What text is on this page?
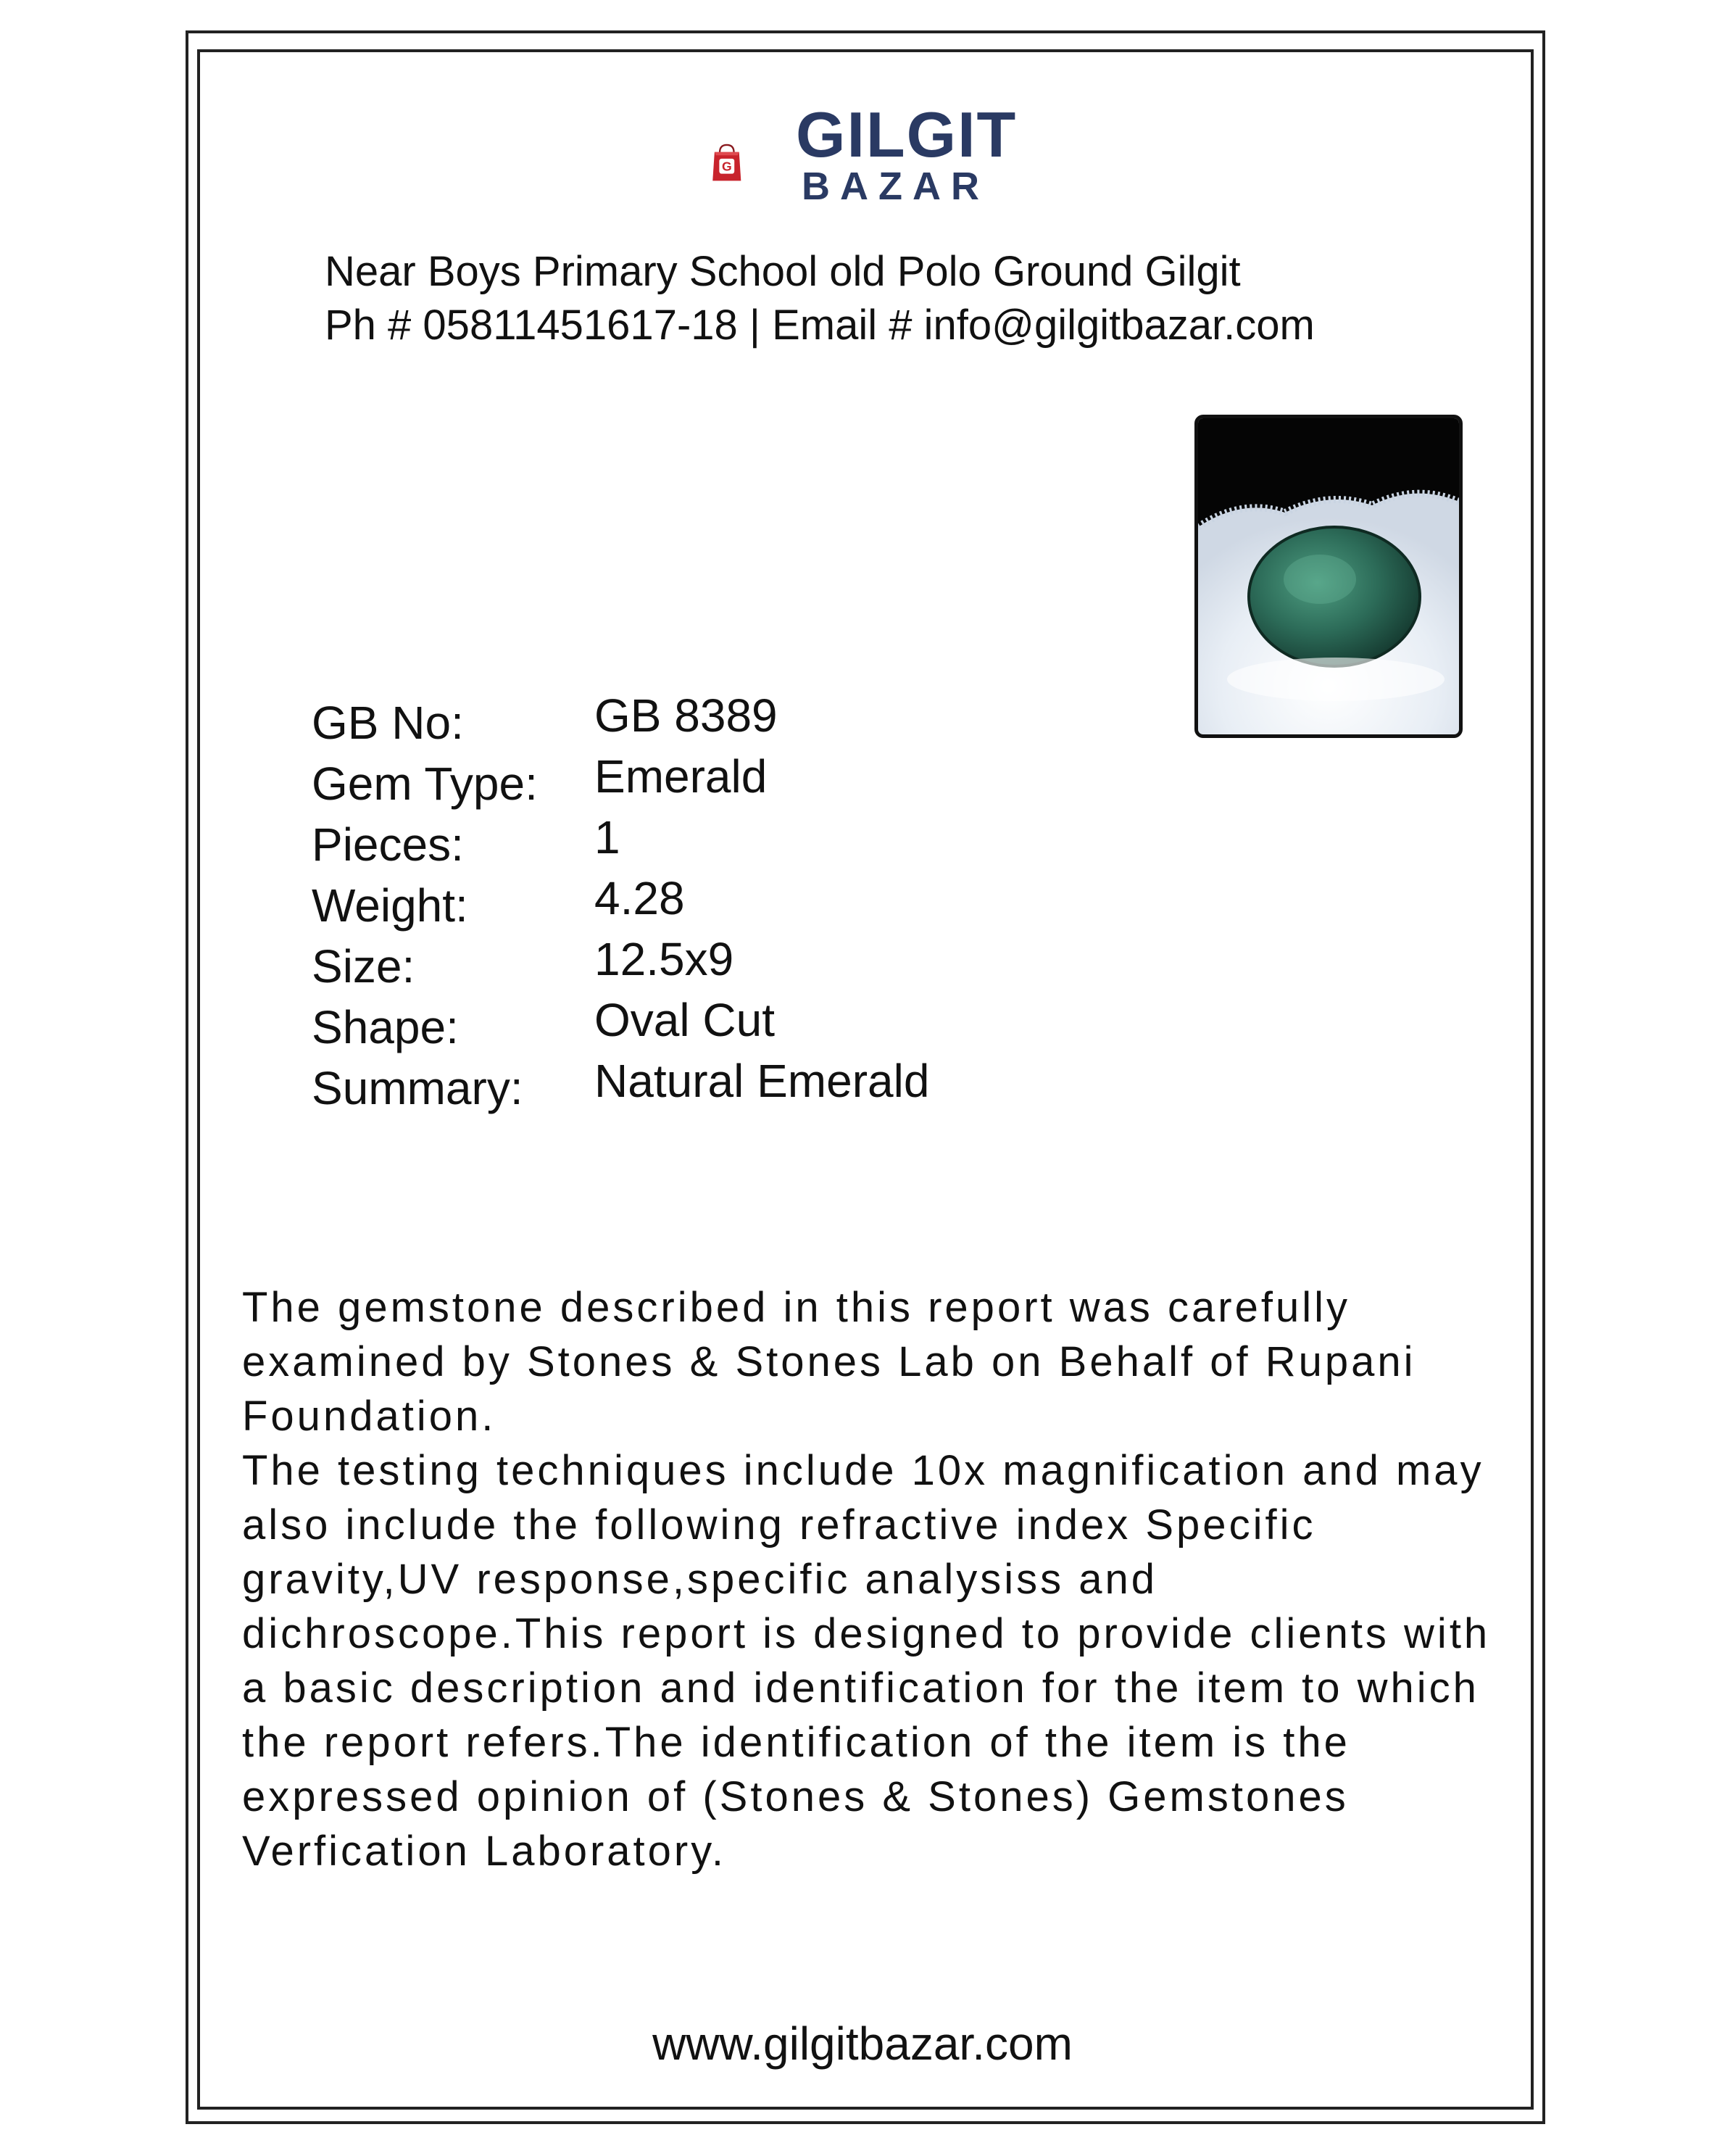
G GILGIT
BAZAR
Near Boys Primary School old Polo Ground Gilgit
Ph # 05811451617-18 | Email # info@gilgitbazar.com
GB No:	GB 8389
Gem Type: Emerald
Pieces:	1
Weight:	4.28
Size:	12.5x9
Shape:	Oval Cut
Summary: Natural Emerald

The gemstone described in this report was carefully examined by Stones & Stones Lab on Behalf of Rupani Foundation.

The testing techniques include 10x magnification and may also include the following refractive index Specific gravity,UV response,specific analysiss and dichroscope.This report is designed to provide clients with a basic description and identification for the item to which the report refers.The identification of the item is the expressed opinion of (Stones & Stones) Gemstones Verfication Laboratory.

www.gilgitbazar.com
